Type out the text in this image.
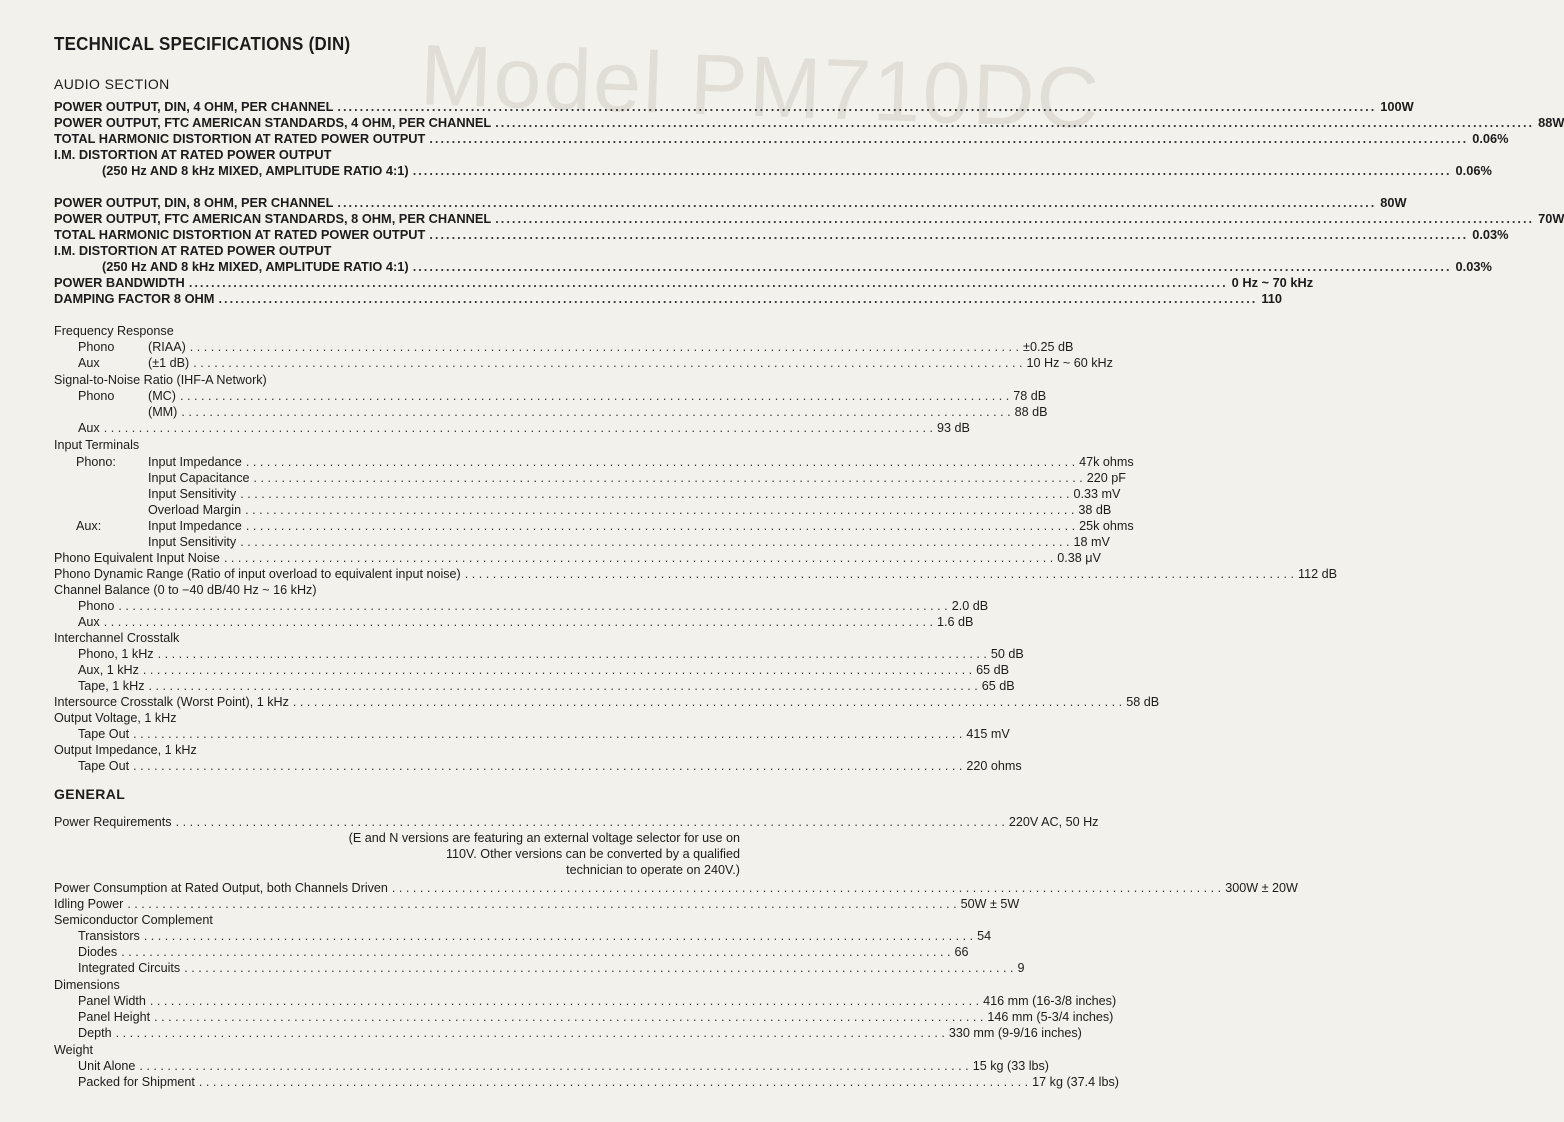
Model PM710DC
TECHNICAL SPECIFICATIONS (DIN)
AUDIO SECTION
POWER OUTPUT, DIN, 4 OHM, PER CHANNEL .....	100W
POWER OUTPUT, FTC AMERICAN STANDARDS, 4 OHM, PER CHANNEL .....	88W
TOTAL HARMONIC DISTORTION AT RATED POWER OUTPUT .....	0.06%
I.M. DISTORTION AT RATED POWER OUTPUT
(250 Hz AND 8 kHz MIXED, AMPLITUDE RATIO 4:1) .....	0.06%
POWER OUTPUT, DIN, 8 OHM, PER CHANNEL .....	80W
POWER OUTPUT, FTC AMERICAN STANDARDS, 8 OHM, PER CHANNEL .....	70W
TOTAL HARMONIC DISTORTION AT RATED POWER OUTPUT .....	0.03%
I.M. DISTORTION AT RATED POWER OUTPUT
(250 Hz AND 8 kHz MIXED, AMPLITUDE RATIO 4:1) .....	0.03%
POWER BANDWIDTH .....	0 Hz ~ 70 kHz
DAMPING FACTOR 8 OHM .....	110
Frequency Response
Phono	(RIAA) . . .	±0.25 dB
Aux	(±1 dB) . . .	10 Hz ~ 60 kHz
Signal-to-Noise Ratio (IHF-A Network)
Phono	(MC) . . .	78 dB
(MM) . . .	88 dB
Aux . . .	93 dB
Input Terminals
Phono:	Input Impedance . . .	47k ohms
Input Capacitance . . .	220 pF
Input Sensitivity . . .	0.33 mV
Overload Margin . . .	38 dB
Aux:	Input Impedance . . .	25k ohms
Input Sensitivity . . .	18 mV
Phono Equivalent Input Noise . . .	0.38 μV
Phono Dynamic Range (Ratio of input overload to equivalent input noise) . . .	112 dB
Channel Balance (0 to −40 dB/40 Hz ~ 16 kHz)
Phono . . .	2.0 dB
Aux . . .	1.6 dB
Interchannel Crosstalk
Phono, 1 kHz . . .	50 dB
Aux, 1 kHz . . .	65 dB
Tape, 1 kHz . . .	65 dB
Intersource Crosstalk (Worst Point), 1 kHz . . .	58 dB
Output Voltage, 1 kHz
Tape Out . . .	415 mV
Output Impedance, 1 kHz
Tape Out . . .	220 ohms
GENERAL
Power Requirements . . .	220V AC, 50 Hz
(E and N versions are featuring an external voltage selector for use on
110V. Other versions can be converted by a qualified
technician to operate on 240V.)
Power Consumption at Rated Output, both Channels Driven . . .	300W ± 20W
Idling Power . . .	50W ± 5W
Semiconductor Complement
Transistors . . .	54
Diodes . . .	66
Integrated Circuits . . .	9
Dimensions
Panel Width . . .	416 mm (16-3/8 inches)
Panel Height . . .	146 mm (5-3/4 inches)
Depth . . .	330 mm (9-9/16 inches)
Weight
Unit Alone . . .	15 kg (33 lbs)
Packed for Shipment . . .	17 kg (37.4 lbs)
